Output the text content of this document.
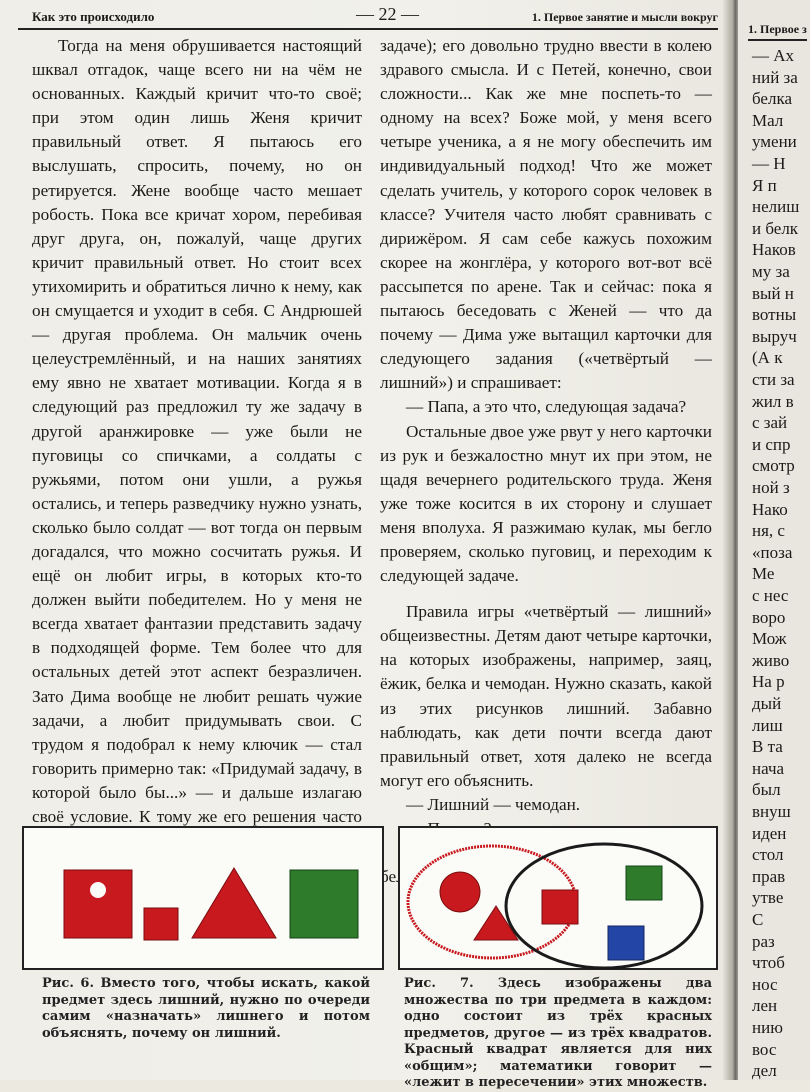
Как это происходило	— 22 —	1. Первое занятие и мысли вокруг

Тогда на меня обрушивается настоящий шквал отгадок, чаще всего ни на чём не основанных. Каждый кричит что-то своё; при этом один лишь Женя кричит правильный ответ. Я пытаюсь его выслушать, спросить, почему, но он ретируется. Жене вообще часто мешает робость. Пока все кричат хором, перебивая друг друга, он, пожалуй, чаще других кричит правильный ответ. Но стоит всех утихомирить и обратиться лично к нему, как он смущается и уходит в себя. С Андрюшей — другая проблема. Он мальчик очень целеустремлённый, и на наших занятиях ему явно не хватает мотивации. Когда я в следующий раз предложил ту же задачу в другой аранжировке — уже были не пуговицы со спичками, а солдаты с ружьями, потом они ушли, а ружья остались, и теперь разведчику нужно узнать, сколько было солдат — вот тогда он первым догадался, что можно сосчитать ружья. И ещё он любит игры, в которых кто-то должен выйти победителем. Но у меня не всегда хватает фантазии представить задачу в подходящей форме. Тем более что для остальных детей этот аспект безразличен. Зато Дима вообще не любит решать чужие задачи, а любит придумывать свои. С трудом я подобрал к нему ключик — стал говорить примерно так: «Придумай задачу, в которой было бы...» — и дальше излагаю своё условие. К тому же его решения часто

задаче); его довольно трудно ввести в колею здравого смысла. И с Петей, конечно, свои сложности... Как же мне поспеть-то — одному на всех? Боже мой, у меня всего четыре ученика, а я не могу обеспечить им индивидуальный подход! Что же может сделать учитель, у которого сорок человек в классе? Учителя часто любят сравнивать с дирижёром. Я сам себе кажусь похожим скорее на жонглёра, у которого вот-вот всё рассыпется по арене. Так и сейчас: пока я пытаюсь беседовать с Женей — что да почему — Дима уже вытащил карточки для следующего задания («четвёртый — лишний») и спрашивает:

— Папа, а это что, следующая задача?

Остальные двое уже рвут у него карточки из рук и безжалостно мнут их при этом, не щадя вечернего родительского труда. Женя уже тоже косится в их сторону и слушает меня вполуха. Я разжимаю кулак, мы бегло проверяем, сколько пуговиц, и переходим к следующей задаче.

Правила игры «четвёртый — лишний» общеизвестны. Детям дают четыре карточки, на которых изображены, например, заяц, ёжик, белка и чемодан. Нужно сказать, какой из этих рисунков лишний. Забавно наблюдать, как дети почти всегда дают правильный ответ, хотя далеко не всегда могут его объяснить.

— Лишний — чемодан.

Рис. 6. Вместо того, чтобы искать, какой предмет здесь лишний, нужно по очереди самим «назначать» лишнего и потом объяснять, почему он лишний.
Рис. 7. Здесь изображены два множества по три предмета в каждом: одно состоит из трёх красных предметов, другое — из трёх квадратов. Красный квадрат является для них «общим»; математики говорит — «лежит в пересечении» этих множеств.
1. Первое з
— Ах
ний за
белка
Мал
умени
— Н
Я п
нелиш
и белк
Наков
му за
вый н
вотны
выруч
(А к
сти за
жил в
с зай
и спр
смотр
ной з
Нако
ня, с
«поза
Ме
с нес
воро
Мож
живо
На р
дый
лиш
В та
нача
был
внуш
иден
стол
прав
утве
С
раз
чтоб
нос
лен
нию
вос
дел
